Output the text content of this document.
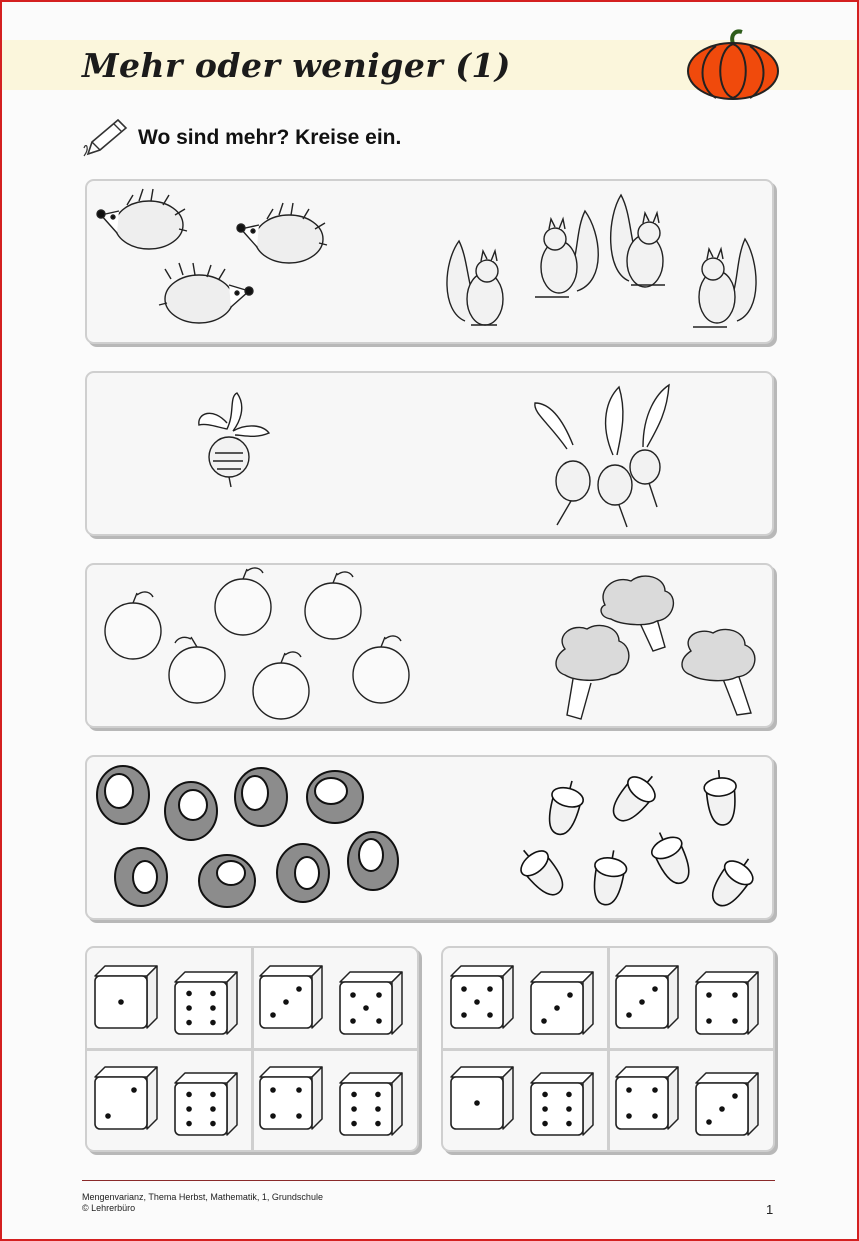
Mehr oder weniger (1)
Wo sind mehr? Kreise ein.
Mengenvarianz, Thema Herbst, Mathematik, 1, Grundschule
© Lehrerbüro	1
